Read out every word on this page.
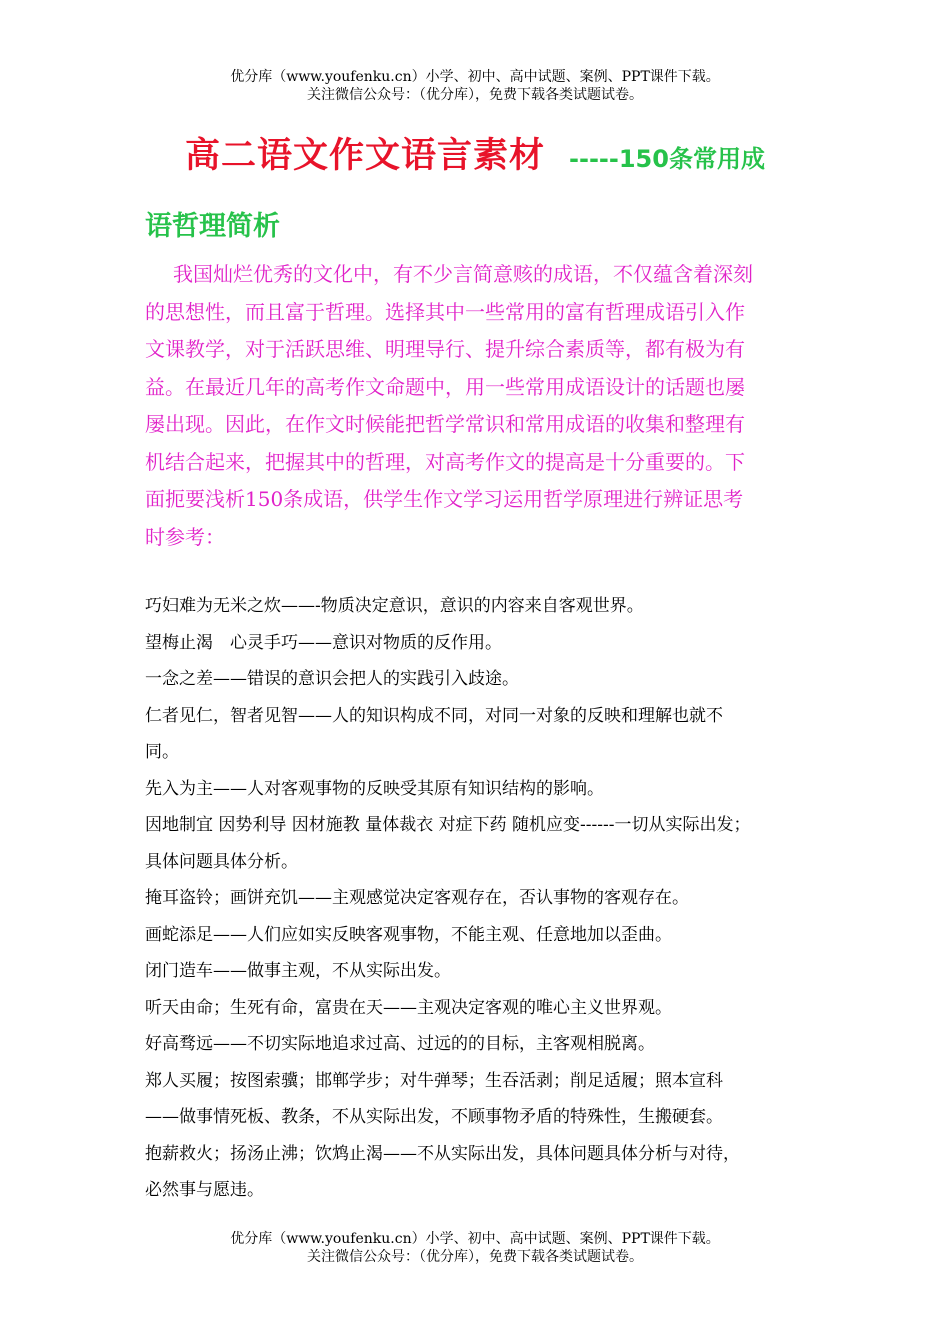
优分库（www.youfenku.cn）小学、初中、高中试题、案例、PPT课件下载。
关注微信公众号：（优分库），免费下载各类试题试卷。
高二语文作文语言素材 -----150条常用成
语哲理简析
我国灿烂优秀的文化中，有不少言简意赅的成语，不仅蕴含着深刻
的思想性，而且富于哲理。选择其中一些常用的富有哲理成语引入作
文课教学，对于活跃思维、明理导行、提升综合素质等，都有极为有
益。在最近几年的高考作文命题中，用一些常用成语设计的话题也屡
屡出现。因此，在作文时候能把哲学常识和常用成语的收集和整理有
机结合起来，把握其中的哲理，对高考作文的提高是十分重要的。下
面扼要浅析150条成语，供学生作文学习运用哲学原理进行辨证思考
时参考：
巧妇难为无米之炊——-物质决定意识，意识的内容来自客观世界。
望梅止渴　心灵手巧——意识对物质的反作用。
一念之差——错误的意识会把人的实践引入歧途。
仁者见仁，智者见智——人的知识构成不同，对同一对象的反映和理解也就不
同。
先入为主——人对客观事物的反映受其原有知识结构的影响。
因地制宜 因势利导 因材施教 量体裁衣 对症下药 随机应变------一切从实际出发；
具体问题具体分析。
掩耳盗铃；画饼充饥——主观感觉决定客观存在，否认事物的客观存在。
画蛇添足——人们应如实反映客观事物，不能主观、任意地加以歪曲。
闭门造车——做事主观，不从实际出发。
听天由命；生死有命，富贵在天——主观决定客观的唯心主义世界观。
好高骛远——不切实际地追求过高、过远的的目标，主客观相脱离。
郑人买履；按图索骥；邯郸学步；对牛弹琴；生吞活剥；削足适履；照本宣科
——做事情死板、教条，不从实际出发，不顾事物矛盾的特殊性，生搬硬套。
抱薪救火；扬汤止沸；饮鸩止渴——不从实际出发，具体问题具体分析与对待，
必然事与愿违。
优分库（www.youfenku.cn）小学、初中、高中试题、案例、PPT课件下载。
关注微信公众号：（优分库），免费下载各类试题试卷。
